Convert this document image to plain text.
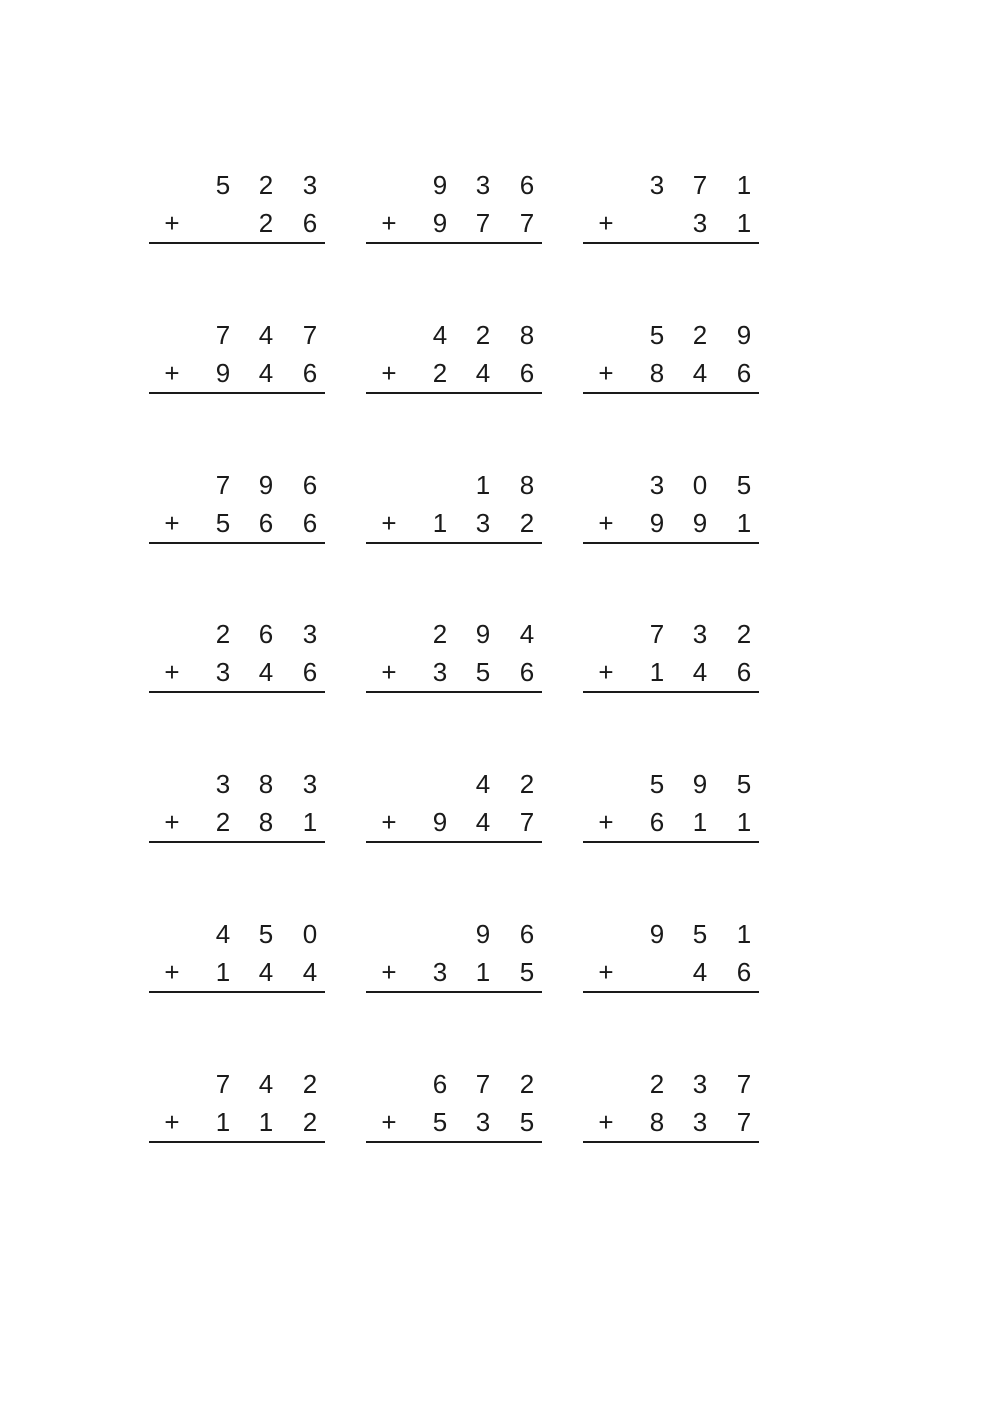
5 2 3
+	2 6
9 3 6
+ 9 7 7
3 7 1
+	3 1
7 4 7
+ 9 4 6
4 2 8
+ 2 4 6
5 2 9
+ 8 4 6
7 9 6
+ 5 6 6
1 8
+ 1 3 2
3 0 5
+ 9 9 1
2 6 3
+ 3 4 6
2 9 4
+ 3 5 6
7 3 2
+ 1 4 6
3 8 3
+ 2 8 1
4 2
+ 9 4 7
5 9 5
+ 6 1 1
4 5 0
+ 1 4 4
9 6
+ 3 1 5
9 5 1
+	4 6
7 4 2
+ 1 1 2
6 7 2
+ 5 3 5
2 3 7
+ 8 3 7
